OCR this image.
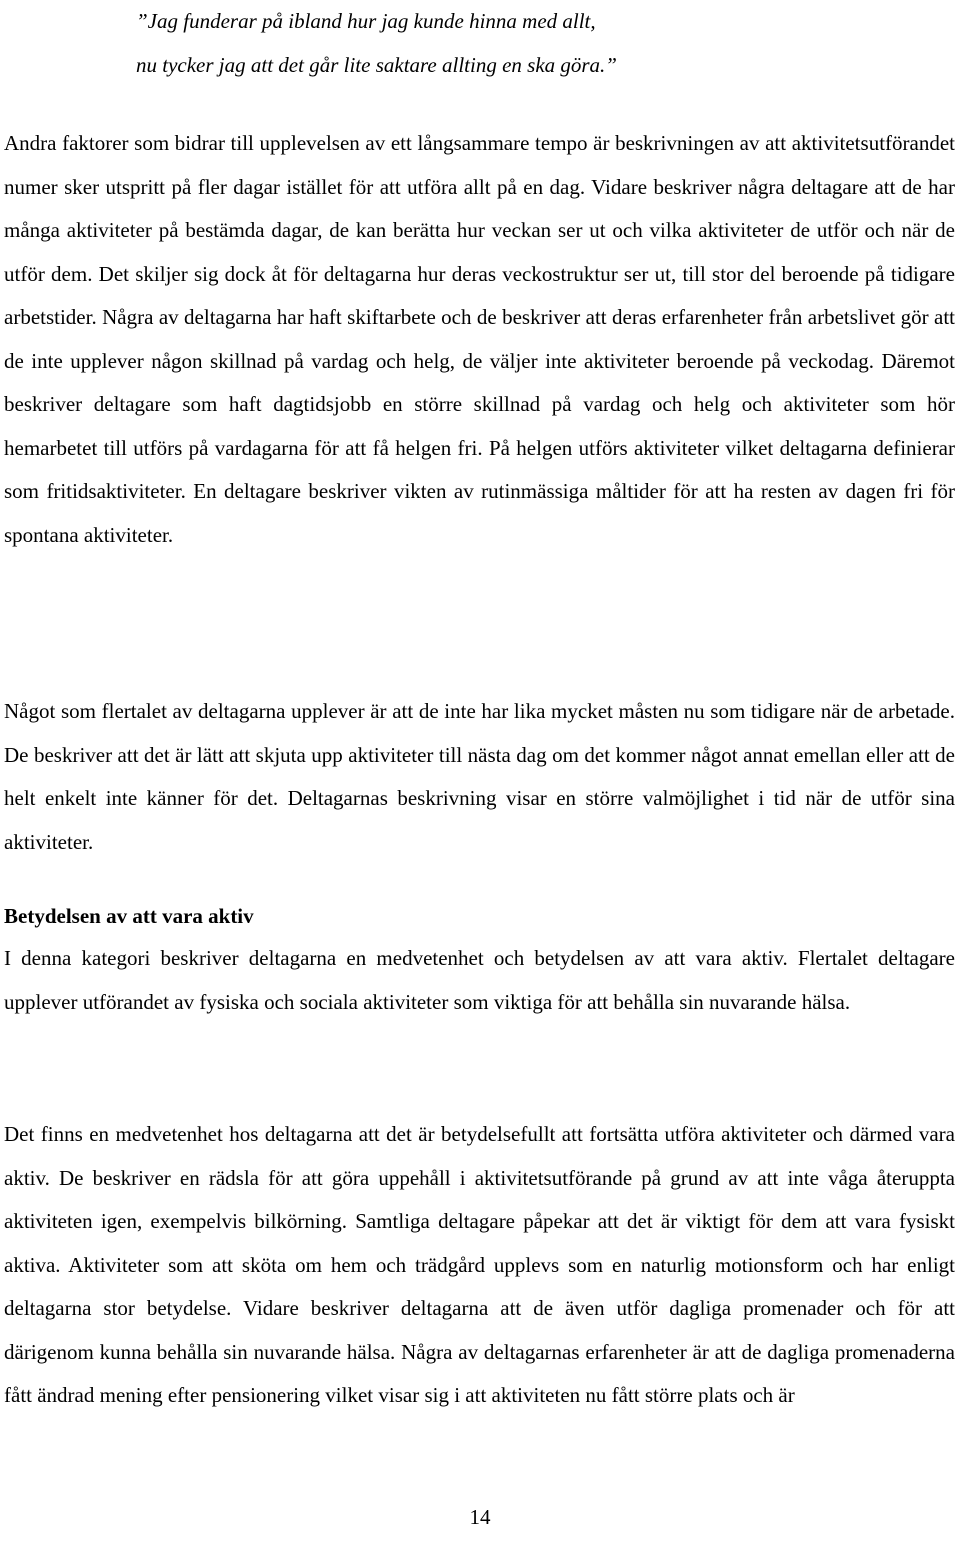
”Jag funderar på ibland hur jag kunde hinna med allt,
nu tycker jag att det går lite saktare allting en ska göra.”

Andra faktorer som bidrar till upplevelsen av ett långsammare tempo är beskrivningen av att aktivitetsutförandet numer sker utspritt på fler dagar istället för att utföra allt på en dag. Vidare beskriver några deltagare att de har många aktiviteter på bestämda dagar, de kan berätta hur veckan ser ut och vilka aktiviteter de utför och när de utför dem. Det skiljer sig dock åt för deltagarna hur deras veckostruktur ser ut, till stor del beroende på tidigare arbetstider. Några av deltagarna har haft skiftarbete och de beskriver att deras erfarenheter från arbetslivet gör att de inte upplever någon skillnad på vardag och helg, de väljer inte aktiviteter beroende på veckodag. Däremot beskriver deltagare som haft dagtidsjobb en större skillnad på vardag och helg och aktiviteter som hör hemarbetet till utförs på vardagarna för att få helgen fri. På helgen utförs aktiviteter vilket deltagarna definierar som fritidsaktiviteter. En deltagare beskriver vikten av rutinmässiga måltider för att ha resten av dagen fri för spontana aktiviteter.

Något som flertalet av deltagarna upplever är att de inte har lika mycket måsten nu som tidigare när de arbetade. De beskriver att det är lätt att skjuta upp aktiviteter till nästa dag om det kommer något annat emellan eller att de helt enkelt inte känner för det. Deltagarnas beskrivning visar en större valmöjlighet i tid när de utför sina aktiviteter.

Betydelsen av att vara aktiv

I denna kategori beskriver deltagarna en medvetenhet och betydelsen av att vara aktiv. Flertalet deltagare upplever utförandet av fysiska och sociala aktiviteter som viktiga för att behålla sin nuvarande hälsa.

Det finns en medvetenhet hos deltagarna att det är betydelsefullt att fortsätta utföra aktiviteter och därmed vara aktiv. De beskriver en rädsla för att göra uppehåll i aktivitetsutförande på grund av att inte våga återuppta aktiviteten igen, exempelvis bilkörning. Samtliga deltagare påpekar att det är viktigt för dem att vara fysiskt aktiva. Aktiviteter som att sköta om hem och trädgård upplevs som en naturlig motionsform och har enligt deltagarna stor betydelse. Vidare beskriver deltagarna att de även utför dagliga promenader och för att därigenom kunna behålla sin nuvarande hälsa. Några av deltagarnas erfarenheter är att de dagliga promenaderna fått ändrad mening efter pensionering vilket visar sig i att aktiviteten nu fått större plats och är

14
